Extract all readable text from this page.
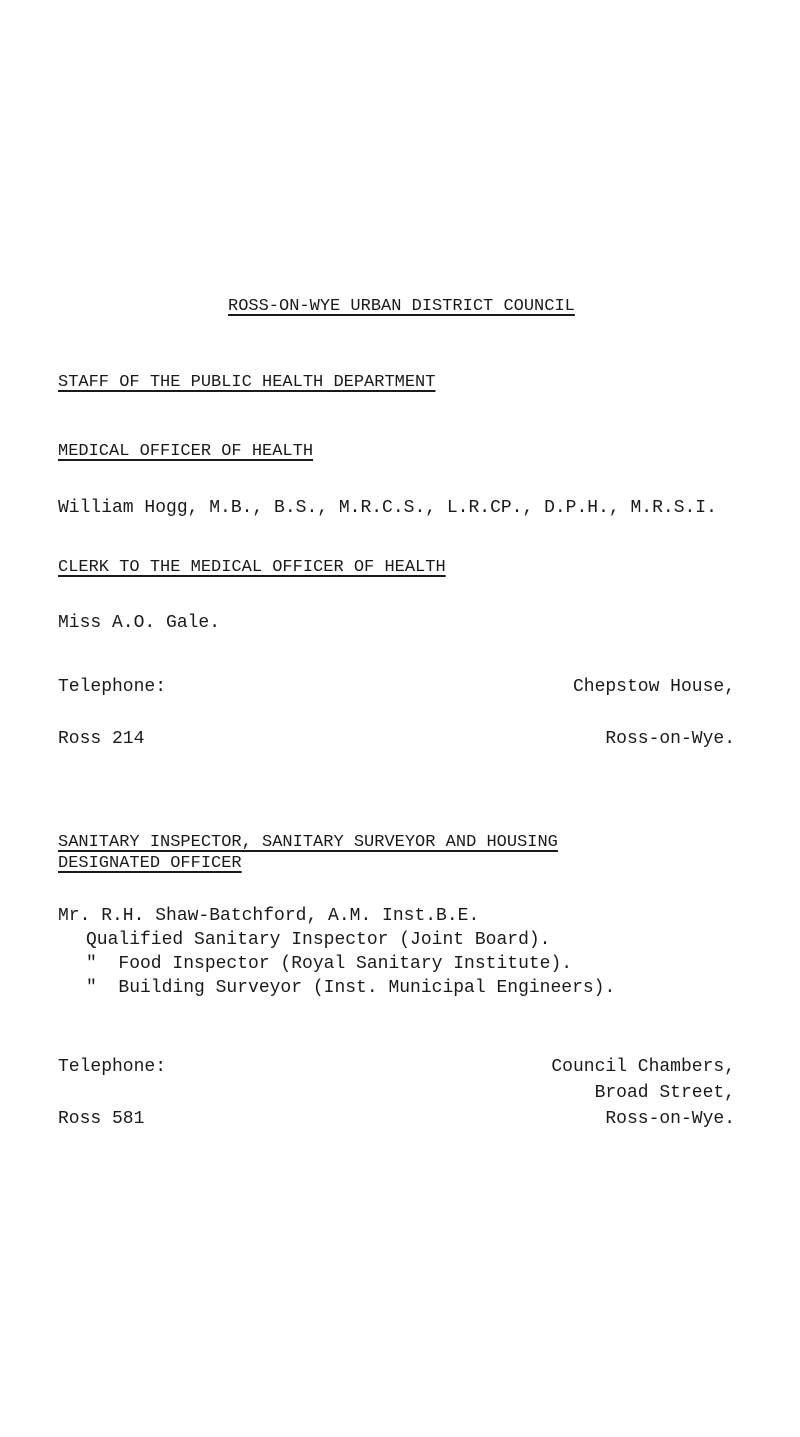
ROSS-ON-WYE URBAN DISTRICT COUNCIL
STAFF OF THE PUBLIC HEALTH DEPARTMENT
MEDICAL OFFICER OF HEALTH
William Hogg, M.B., B.S., M.R.C.S., L.R.CP., D.P.H., M.R.S.I.
CLERK TO THE MEDICAL OFFICER OF HEALTH
Miss A.O. Gale.
Telephone:
Ross 214
Chepstow House,
Ross-on-Wye.
SANITARY INSPECTOR, SANITARY SURVEYOR AND HOUSING
DESIGNATED OFFICER
Mr. R.H. Shaw-Batchford, A.M. Inst.B.E.
Qualified Sanitary Inspector (Joint Board).
"  Food Inspector (Royal Sanitary Institute).
"  Building Surveyor (Inst. Municipal Engineers).
Telephone:
Ross 581
Council Chambers,
Broad Street,
Ross-on-Wye.
